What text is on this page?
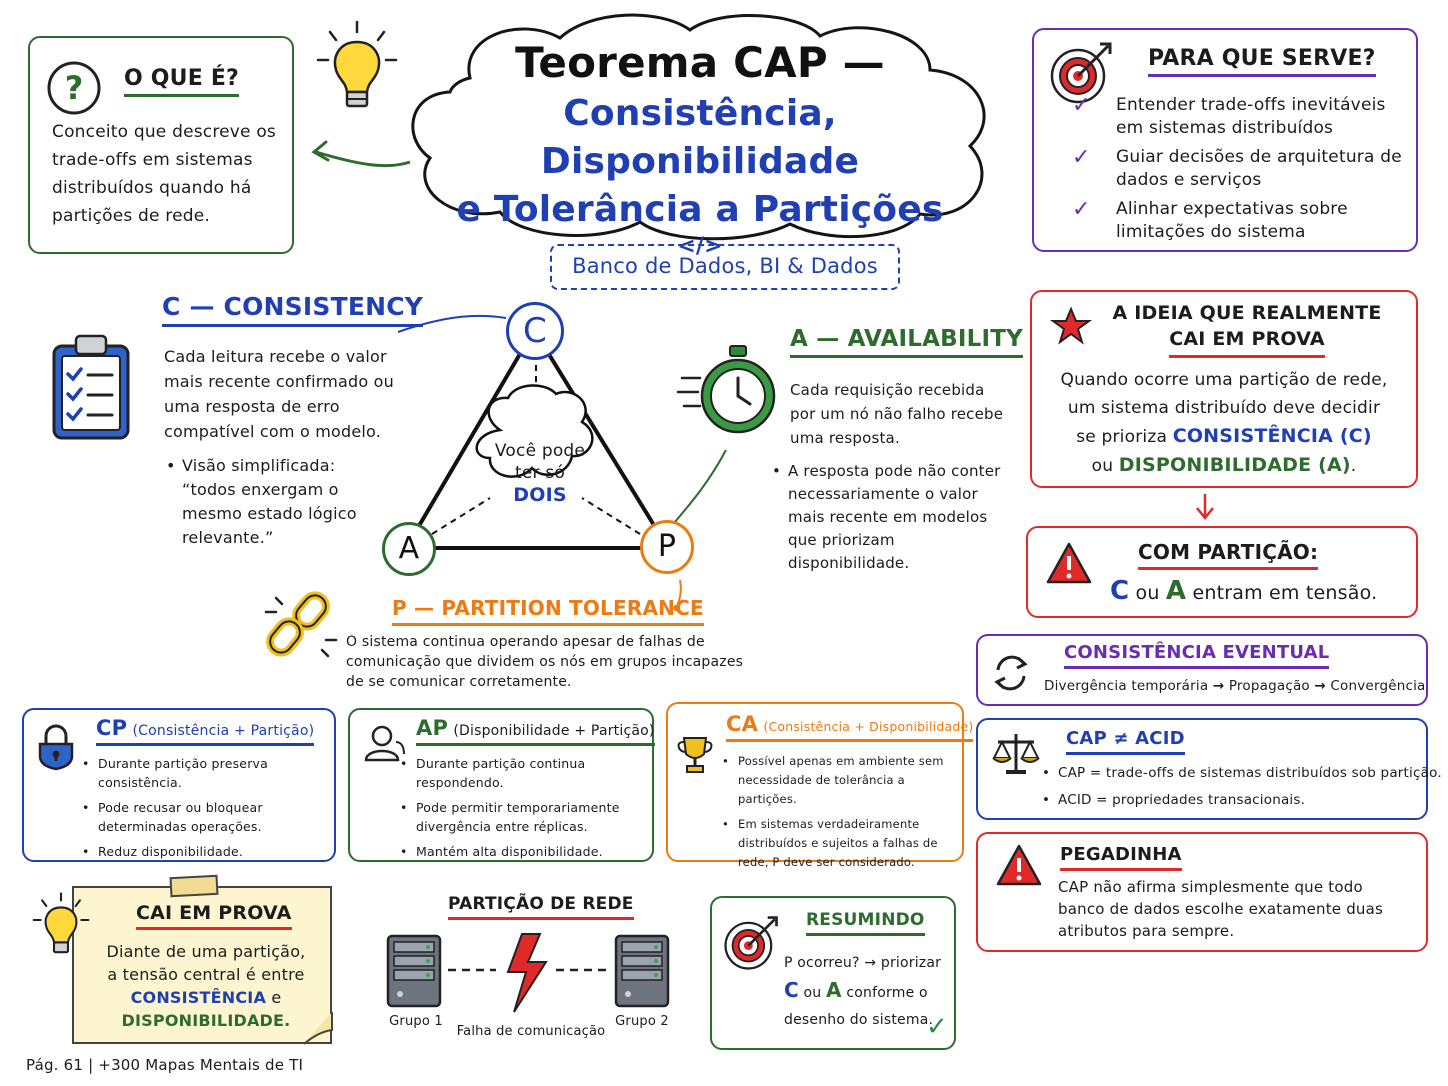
Teorema CAP —
Consistência, Disponibilidade
e Tolerância a Partições
</>
Banco de Dados, BI & Dados
? O QUE É?
Conceito que descreve os trade-offs em sistemas distribuídos quando há partições de rede.
PARA QUE SERVE?
✓ Entender trade-offs inevitáveis em sistemas distribuídos
✓ Guiar decisões de arquitetura de dados e serviços
✓ Alinhar expectativas sobre limitações do sistema
C — CONSISTENCY
Cada leitura recebe o valor mais recente confirmado ou uma resposta de erro compatível com o modelo.
• Visão simplificada: “todos enxergam o mesmo estado lógico relevante.”
C
A	P
Você pode
ter só
DOIS
A — AVAILABILITY
Cada requisição recebida por um nó não falho recebe uma resposta.
• A resposta pode não conter necessariamente o valor mais recente em modelos que priorizam disponibilidade.
P — PARTITION TOLERANCE
O sistema continua operando apesar de falhas de comunicação que dividem os nós em grupos incapazes de se comunicar corretamente.
A IDEIA QUE REALMENTE
CAI EM PROVA
Quando ocorre uma partição de rede,
um sistema distribuído deve decidir
se prioriza CONSISTÊNCIA (C)
ou DISPONIBILIDADE (A).
COM PARTIÇÃO:
C ou A entram em tensão.
CONSISTÊNCIA EVENTUAL
Divergência temporária → Propagação → Convergência
CAP ≠ ACID
• CAP = trade-offs de sistemas distribuídos sob partição.
• ACID = propriedades transacionais.
PEGADINHA
CAP não afirma simplesmente que todo banco de dados escolhe exatamente duas atributos para sempre.
CP (Consistência + Partição)
• Durante partição preserva consistência.
• Pode recusar ou bloquear determinadas operações.
• Reduz disponibilidade.
AP (Disponibilidade + Partição)
• Durante partição continua respondendo.
• Pode permitir temporariamente divergência entre réplicas.
• Mantém alta disponibilidade.
CA (Consistência + Disponibilidade)
• Possível apenas em ambiente sem necessidade de tolerância a partições.
• Em sistemas verdadeiramente distribuídos e sujeitos a falhas de rede, P deve ser considerado.
CAI EM PROVA
Diante de uma partição,
a tensão central é entre
CONSISTÊNCIA e
DISPONIBILIDADE.
PARTIÇÃO DE REDE
Grupo 1	Grupo 2
Falha de comunicação
RESUMINDO
P ocorreu? → priorizar
C ou A conforme o
desenho do sistema.
✓
Pág. 61 | +300 Mapas Mentais de TI
